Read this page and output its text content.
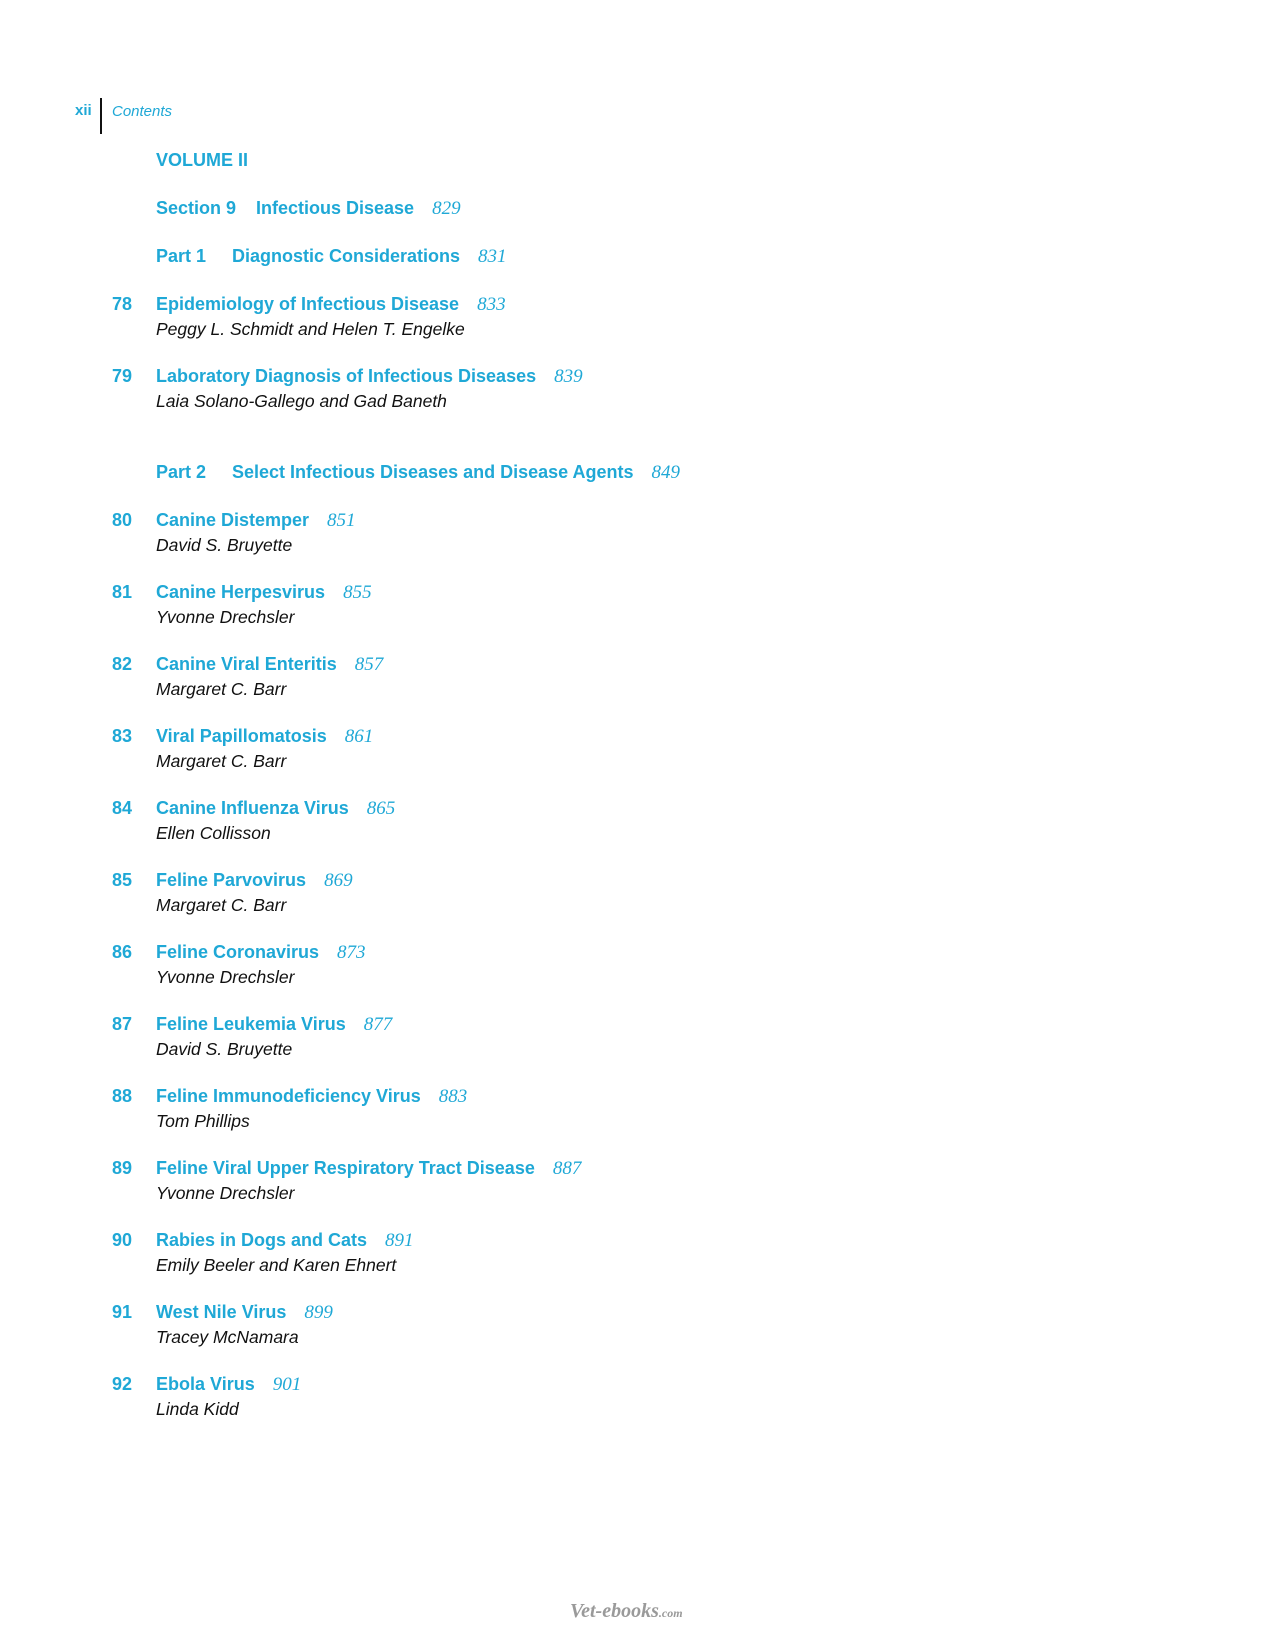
xii Contents
VOLUME II
Section 9 Infectious Disease 829
Part 1 Diagnostic Considerations 831
78 Epidemiology of Infectious Disease 833
Peggy L. Schmidt and Helen T. Engelke
79 Laboratory Diagnosis of Infectious Diseases 839
Laia Solano-Gallego and Gad Baneth
Part 2 Select Infectious Diseases and Disease Agents 849
80 Canine Distemper 851
David S. Bruyette
81 Canine Herpesvirus 855
Yvonne Drechsler
82 Canine Viral Enteritis 857
Margaret C. Barr
83 Viral Papillomatosis 861
Margaret C. Barr
84 Canine Influenza Virus 865
Ellen Collisson
85 Feline Parvovirus 869
Margaret C. Barr
86 Feline Coronavirus 873
Yvonne Drechsler
87 Feline Leukemia Virus 877
David S. Bruyette
88 Feline Immunodeficiency Virus 883
Tom Phillips
89 Feline Viral Upper Respiratory Tract Disease 887
Yvonne Drechsler
90 Rabies in Dogs and Cats 891
Emily Beeler and Karen Ehnert
91 West Nile Virus 899
Tracey McNamara
92 Ebola Virus 901
Linda Kidd
Vet-ebooks.com
